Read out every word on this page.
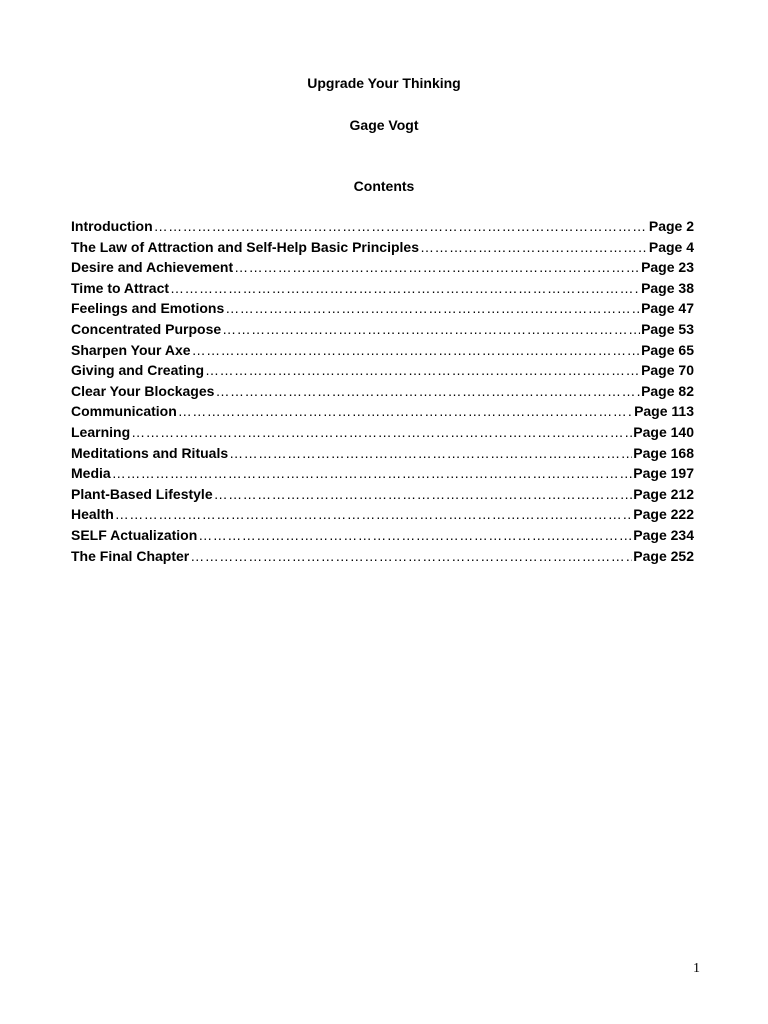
Upgrade Your Thinking
Gage Vogt
Contents
Introduction ………………………………………………………………………………………………………………………………………………………………………………………………	Page 2
The Law of Attraction and Self-Help Basic Principles ………………………………………………………………………………………………………………………………………………………………………………………………	Page 4
Desire and Achievement ………………………………………………………………………………………………………………………………………………………………………………………………	Page 23
Time to Attract ………………………………………………………………………………………………………………………………………………………………………………………………	Page 38
Feelings and Emotions ………………………………………………………………………………………………………………………………………………………………………………………………	Page 47
Concentrated Purpose ………………………………………………………………………………………………………………………………………………………………………………………………	Page 53
Sharpen Your Axe ………………………………………………………………………………………………………………………………………………………………………………………………	Page 65
Giving and Creating ………………………………………………………………………………………………………………………………………………………………………………………………	Page 70
Clear Your Blockages ………………………………………………………………………………………………………………………………………………………………………………………………	Page 82
Communication ………………………………………………………………………………………………………………………………………………………………………………………………	Page 113
Learning ………………………………………………………………………………………………………………………………………………………………………………………………	Page 140
Meditations and Rituals ………………………………………………………………………………………………………………………………………………………………………………………………	Page 168
Media ………………………………………………………………………………………………………………………………………………………………………………………………	Page 197
Plant-Based Lifestyle ………………………………………………………………………………………………………………………………………………………………………………………………	Page 212
Health ………………………………………………………………………………………………………………………………………………………………………………………………	Page 222
SELF Actualization ………………………………………………………………………………………………………………………………………………………………………………………………	Page 234
The Final Chapter ………………………………………………………………………………………………………………………………………………………………………………………………	Page 252
1
